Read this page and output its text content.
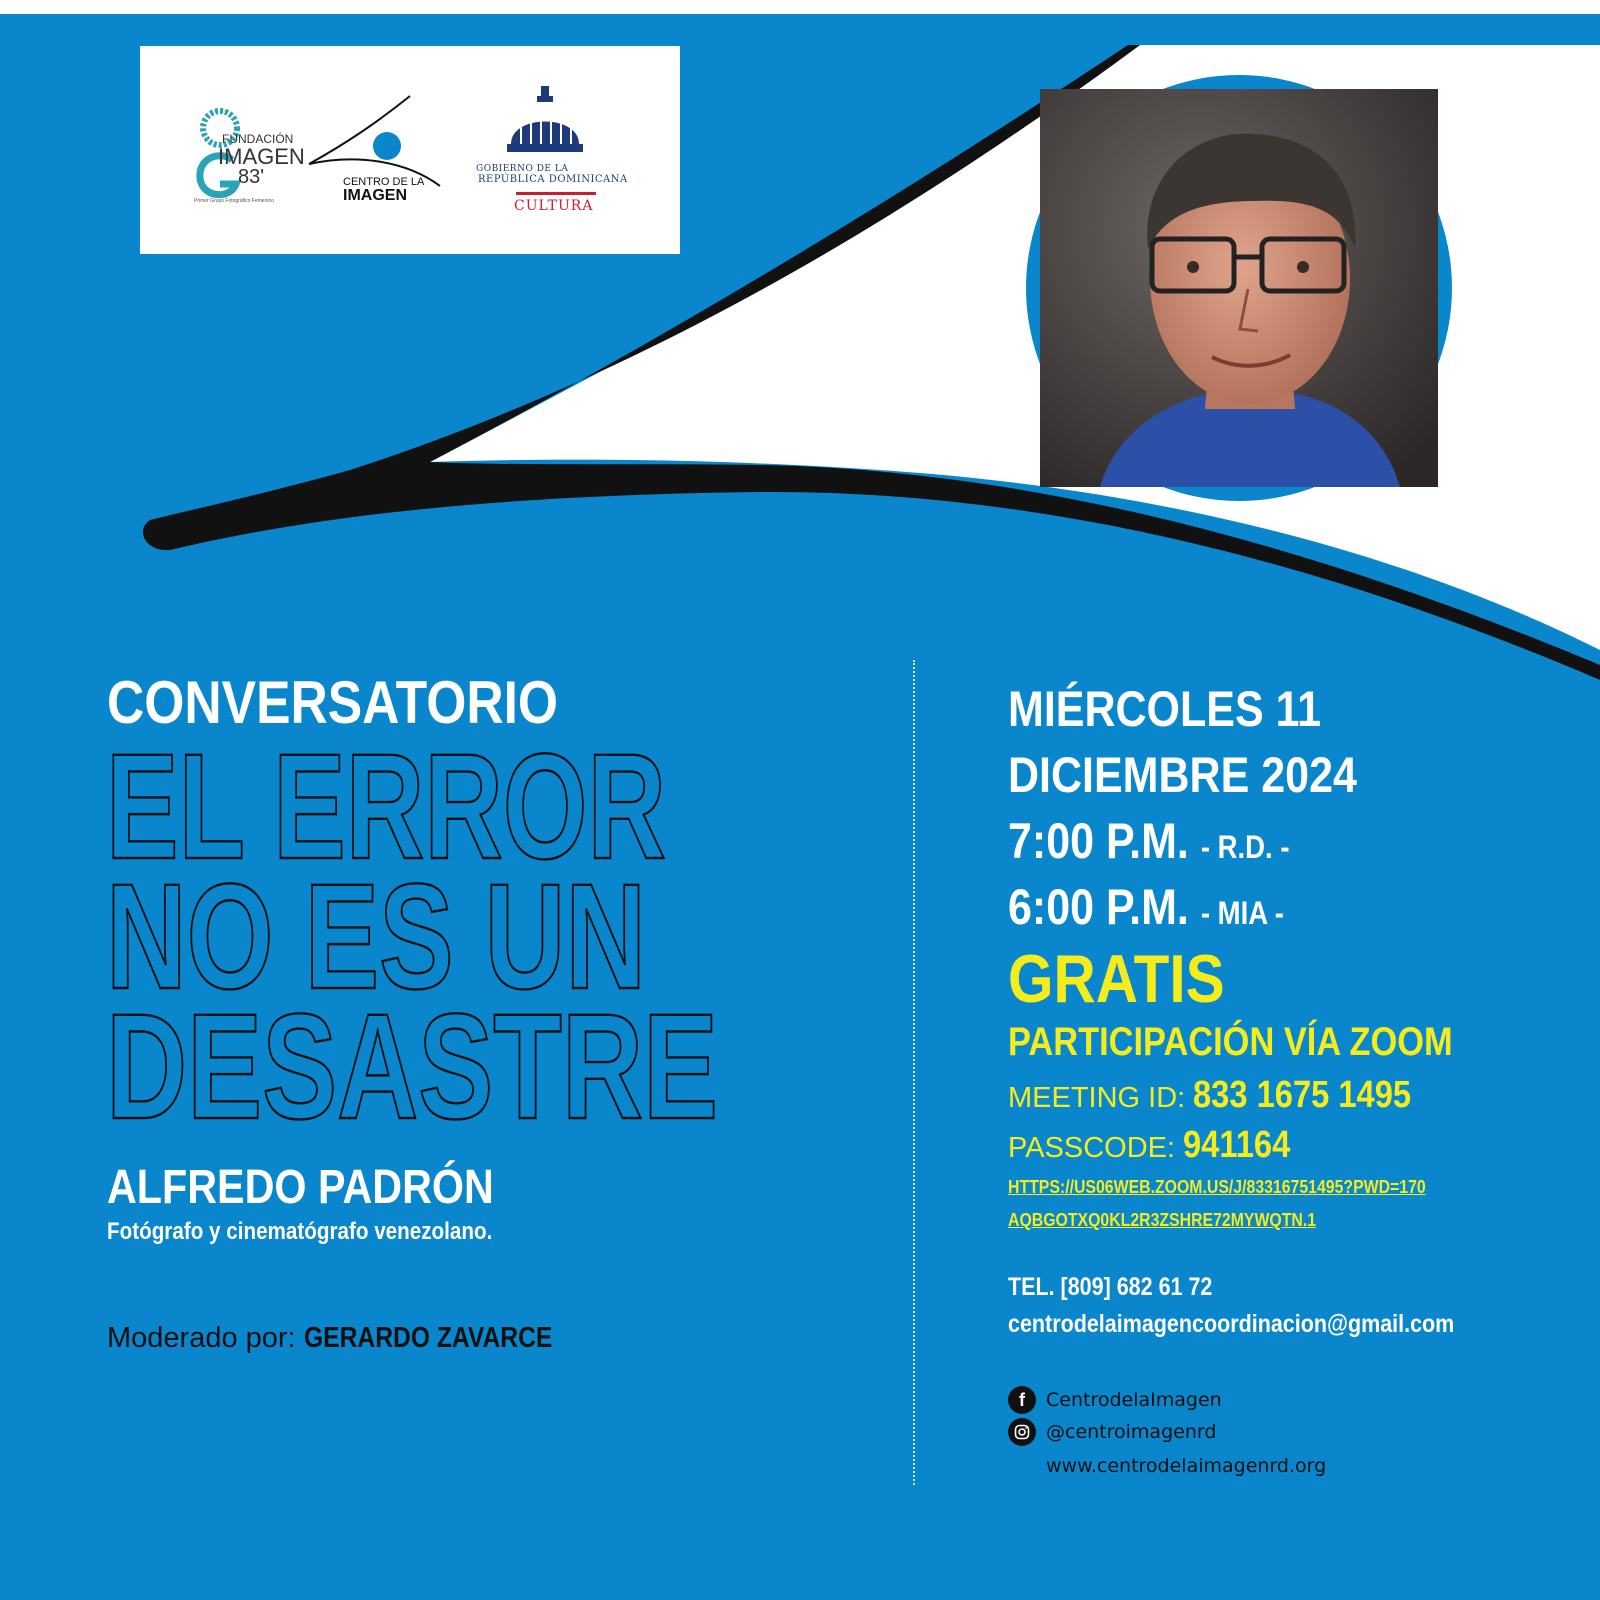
FUNDACIÓN
IMAGEN
83'
Primer Grupo Fotográfico Femenino
CENTRO DE LA
IMAGEN
GOBIERNO DE LA
REPÚBLICA DOMINICANA
CULTURA
CONVERSATORIO
EL ERROR
NO ES UN
DESASTRE
ALFREDO PADRÓN
Fotógrafo y cinematógrafo venezolano.
Moderado por: GERARDO ZAVARCE
MIÉRCOLES 11
DICIEMBRE 2024
7:00 P.M. - R.D. -
6:00 P.M. - MIA -
GRATIS
PARTICIPACIÓN VÍA ZOOM
MEETING ID: 833 1675 1495
PASSCODE: 941164
HTTPS://US06WEB.ZOOM.US/J/83316751495?PWD=170
AQBGOTXQ0KL2R3ZSHRE72MYWQTN.1
TEL. [809] 682 61 72
centrodelaimagencoordinacion@gmail.com
f	CentrodelaImagen
@centroimagenrd
www.centrodelaimagenrd.org
